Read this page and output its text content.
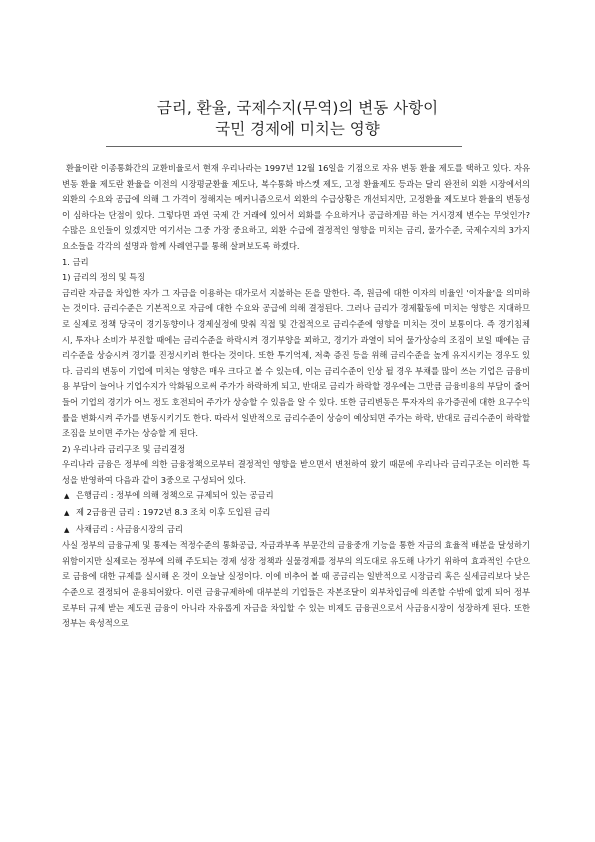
금리, 환율, 국제수지(무역)의 변동 사항이
국민 경제에 미치는 영향

환율이란 이종통화간의 교환비율로서 현재 우리나라는 1997년 12월 16일을 기점으로 자유 변동 환율 제도를 택하고 있다. 자유 변동 환율 제도란 환율을 이전의 시장평균환율 제도나, 복수통화 바스켓 제도, 고정 환율제도 등과는 달리 완전히 외환 시장에서의 외환의 수요와 공급에 의해 그 가격이 정해지는 메커니즘으로서 외환의 수급상황은 개선되지만, 고정환율 제도보다 환율의 변동성이 심하다는 단점이 있다. 그렇다면 과연 국제 간 거래에 있어서 외화를 수요하거나 공급하게끔 하는 거시경제 변수는 무엇인가? 수많은 요인들이 있겠지만 여기서는 그중 가장 중요하고, 외환 수급에 결정적인 영향을 미치는 금리, 물가수준, 국제수지의 3가지 요소들을 각각의 설명과 함께 사례연구를 통해 살펴보도록 하겠다.

1. 금리

1) 금리의 정의 및 특징

금리란 자금을 차입한 자가 그 자금을 이용하는 대가로서 지불하는 돈을 말한다. 즉, 원금에 대한 이자의 비율인 '이자율'을 의미하는 것이다. 금리수준은 기본적으로 자금에 대한 수요와 공급에 의해 결정된다. 그러나 금리가 경제활동에 미치는 영향은 지대하므로 실제로 정책 당국이 경기동향이나 경제실정에 맞춰 직접 및 간접적으로 금리수준에 영향을 미치는 것이 보통이다. 즉 경기침체시, 투자나 소비가 부진할 때에는 금리수준을 하락시켜 경기부양을 꾀하고, 경기가 과열이 되어 물가상승의 조짐이 보일 때에는 금리수준을 상승시켜 경기를 진정시키려 한다는 것이다. 또한 투기억제, 저축 증진 등을 위해 금리수준을 높게 유지시키는 경우도 있다. 금리의 변동이 기업에 미치는 영향은 매우 크다고 볼 수 있는데, 이는 금리수준이 인상 될 경우 부채를 많이 쓰는 기업은 금융비용 부담이 늘어나 기업수지가 악화됨으로써 주가가 하락하게 되고, 반대로 금리가 하락할 경우에는 그만큼 금융비용의 부담이 줄어들어 기업의 경기가 어느 정도 호전되어 주가가 상승할 수 있음을 알 수 있다. 또한 금리변동은 투자자의 유가증권에 대한 요구수익률을 변화시켜 주가를 변동시키기도 한다. 따라서 일반적으로 금리수준이 상승이 예상되면 주가는 하락, 반대로 금리수준이 하락할 조짐을 보이면 주가는 상승할 게 된다.

2) 우리나라 금리구조 및 금리결정

우리나라 금융은 정부에 의한 금융정책으로부터 결정적인 영향을 받으면서 변천하여 왔기 때문에 우리나라 금리구조는 이러한 특성을 반영하여 다음과 같이 3중으로 구성되어 있다.

▲ 은행금리 : 정부에 의해 정책으로 규제되어 있는 공금리

▲ 제 2금융권 금리 : 1972년 8.3 조치 이후 도입된 금리

▲ 사채금리 : 사금융시장의 금리

사실 정부의 금융규제 및 통제는 적정수준의 통화공급, 자금과부족 부문간의 금융중개 기능을 통한 자금의 효율적 배분을 달성하기 위함이지만 실제로는 정부에 의해 주도되는 경제 성장 정책과 실물경제를 정부의 의도대로 유도해 나가기 위하여 효과적인 수단으로 금융에 대한 규제를 실시해 온 것이 오늘날 실정이다. 이에 비추어 볼 때 공금리는 일반적으로 시장금리 혹은 실세금리보다 낮은 수준으로 결정되어 운용되어왔다. 이런 금융규제하에 대부분의 기업들은 자본조달이 외부차입금에 의존할 수밖에 없게 되어 정부로부터 규제 받는 제도권 금융이 아니라 자유롭게 자금을 차입할 수 있는 비제도 금융권으로서 사금융시장이 성장하게 된다. 또한 정부는 육성적으로
